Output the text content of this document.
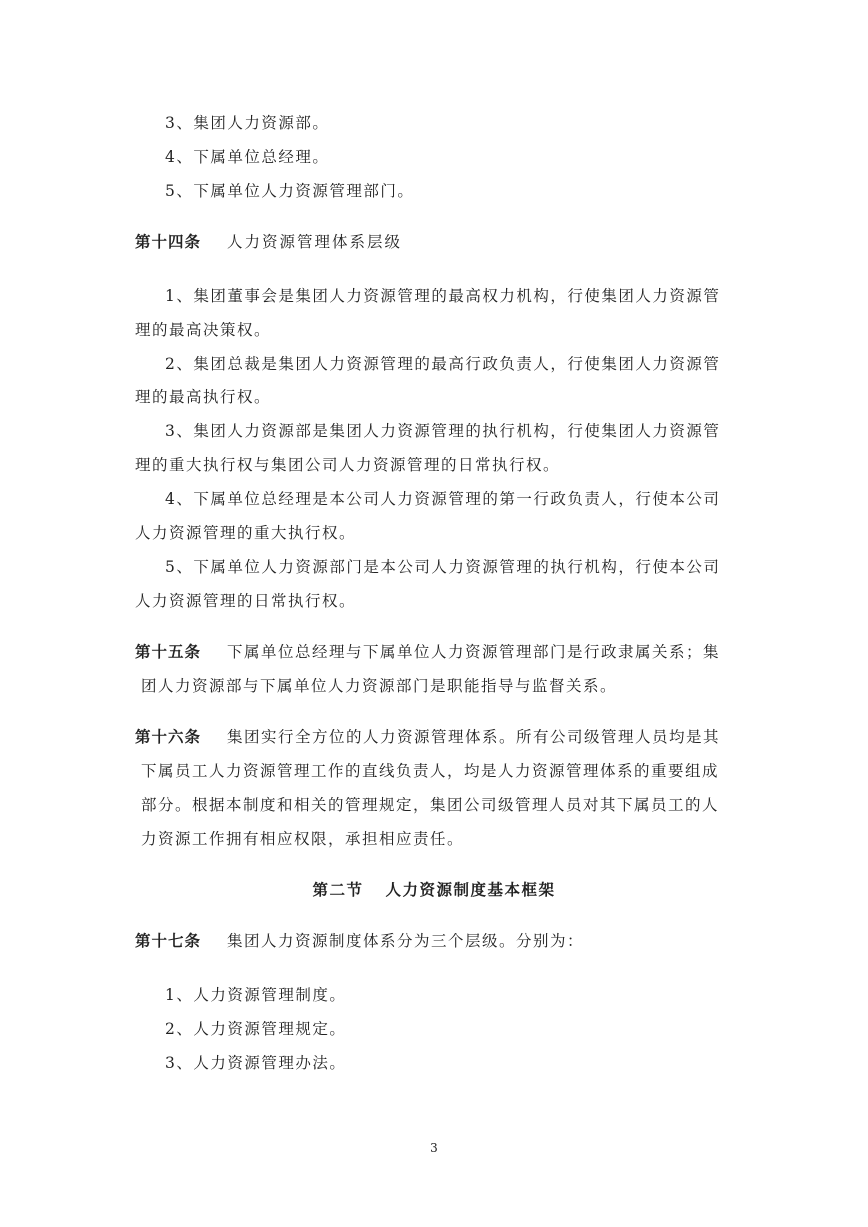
3、集团人力资源部。
4、下属单位总经理。
5、下属单位人力资源管理部门。
第十四条 人力资源管理体系层级
1、集团董事会是集团人力资源管理的最高权力机构，行使集团人力资源管
理的最高决策权。
2、集团总裁是集团人力资源管理的最高行政负责人，行使集团人力资源管
理的最高执行权。
3、集团人力资源部是集团人力资源管理的执行机构，行使集团人力资源管
理的重大执行权与集团公司人力资源管理的日常执行权。
4、下属单位总经理是本公司人力资源管理的第一行政负责人，行使本公司
人力资源管理的重大执行权。
5、下属单位人力资源部门是本公司人力资源管理的执行机构，行使本公司
人力资源管理的日常执行权。
第十五条 下属单位总经理与下属单位人力资源管理部门是行政隶属关系；集
团人力资源部与下属单位人力资源部门是职能指导与监督关系。
第十六条 集团实行全方位的人力资源管理体系。所有公司级管理人员均是其
下属员工人力资源管理工作的直线负责人，均是人力资源管理体系的重要组成
部分。根据本制度和相关的管理规定，集团公司级管理人员对其下属员工的人
力资源工作拥有相应权限，承担相应责任。
第二节 人力资源制度基本框架
第十七条 集团人力资源制度体系分为三个层级。分别为：
1、人力资源管理制度。
2、人力资源管理规定。
3、人力资源管理办法。
3
